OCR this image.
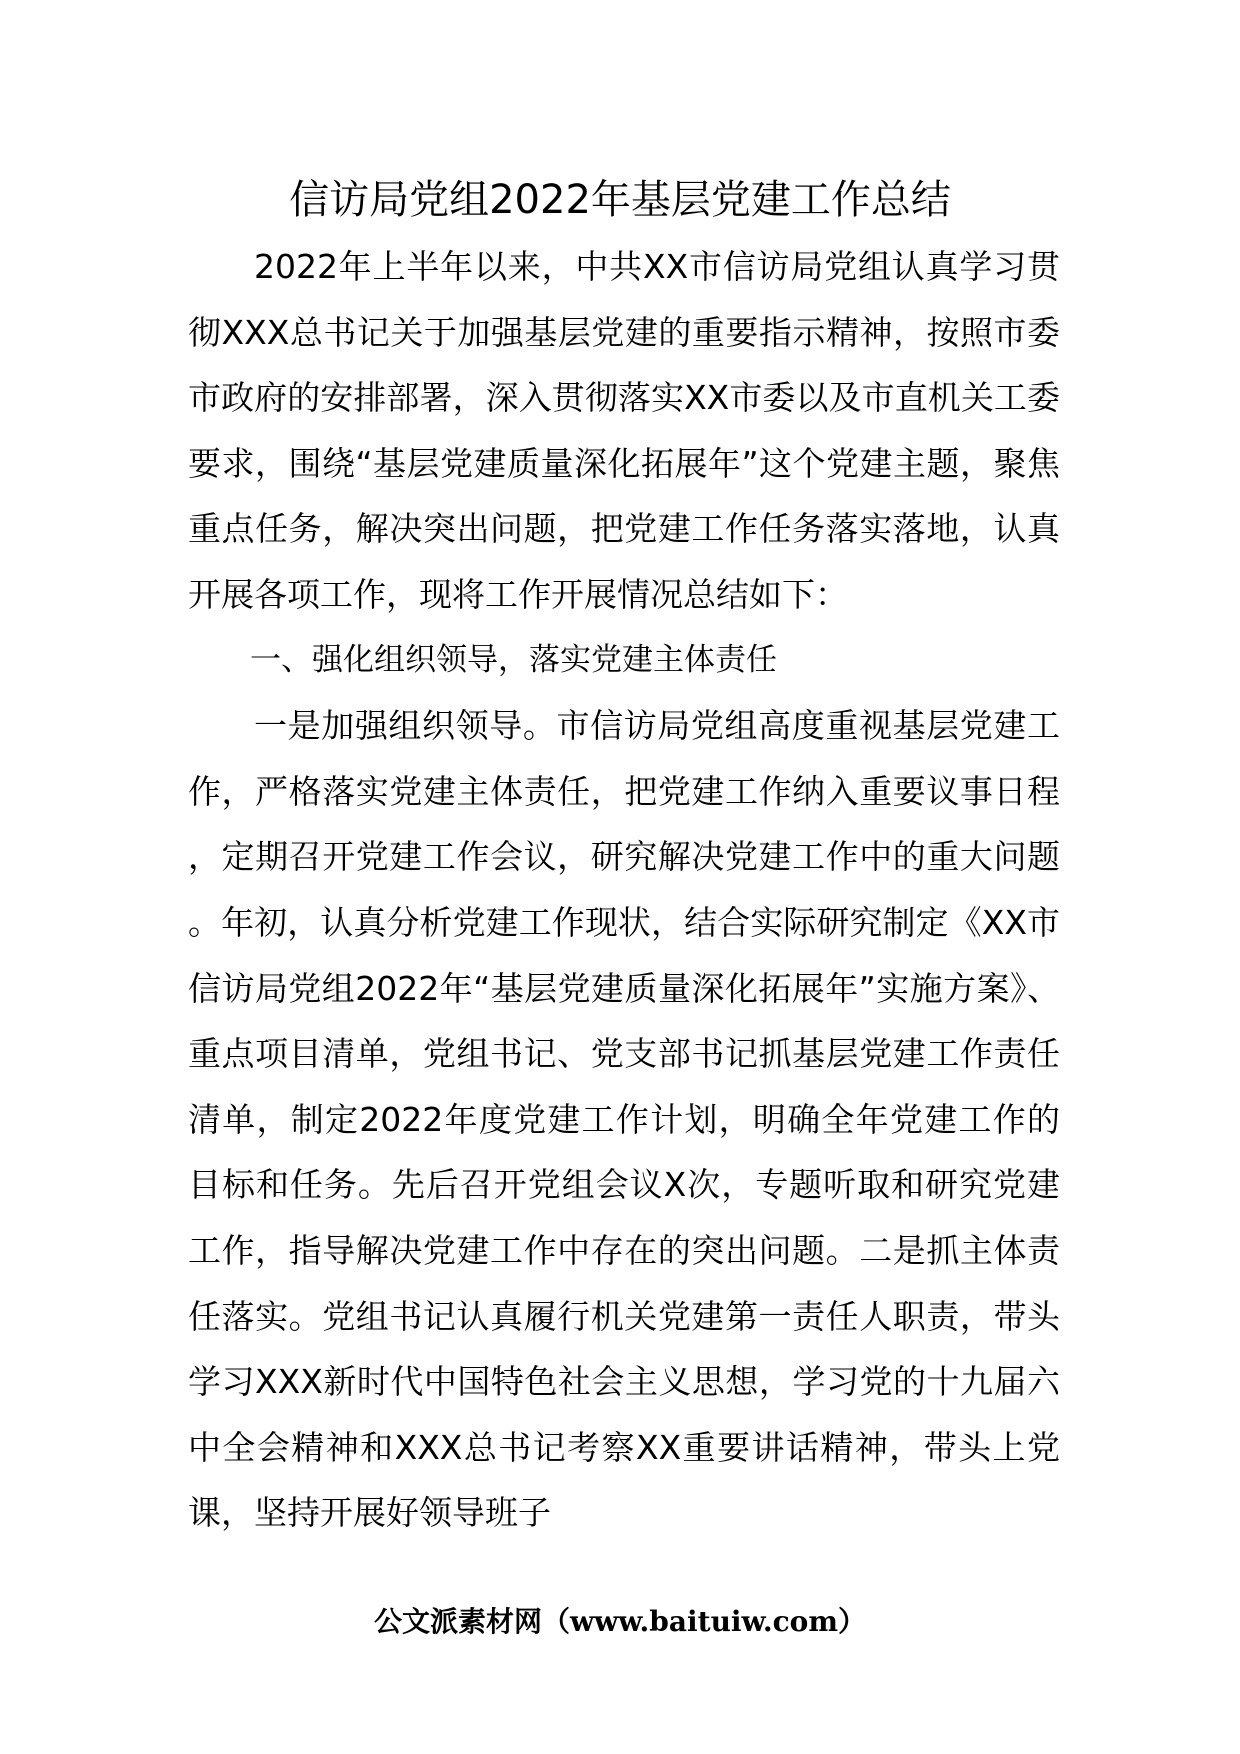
信访局党组2022年基层党建工作总结

2022年上半年以来，中共XX市信访局党组认真学习贯彻XXX总书记关于加强基层党建的重要指示精神，按照市委市政府的安排部署，深入贯彻落实XX市委以及市直机关工委要求，围绕“基层党建质量深化拓展年”这个党建主题，聚焦重点任务，解决突出问题，把党建工作任务落实落地，认真开展各项工作，现将工作开展情况总结如下：

一、强化组织领导，落实党建主体责任

一是加强组织领导。市信访局党组高度重视基层党建工作，严格落实党建主体责任，把党建工作纳入重要议事日程，定期召开党建工作会议，研究解决党建工作中的重大问题。年初，认真分析党建工作现状，结合实际研究制定《XX市信访局党组2022年“基层党建质量深化拓展年”实施方案》、重点项目清单，党组书记、党支部书记抓基层党建工作责任清单，制定2022年度党建工作计划，明确全年党建工作的目标和任务。先后召开党组会议X次，专题听取和研究党建工作，指导解决党建工作中存在的突出问题。二是抓主体责任落实。党组书记认真履行机关党建第一责任人职责，带头学习XXX新时代中国特色社会主义思想，学习党的十九届六中全会精神和XXX总书记考察XX重要讲话精神，带头上党课，坚持开展好领导班子

公文派素材网（www.baituiw.com）
